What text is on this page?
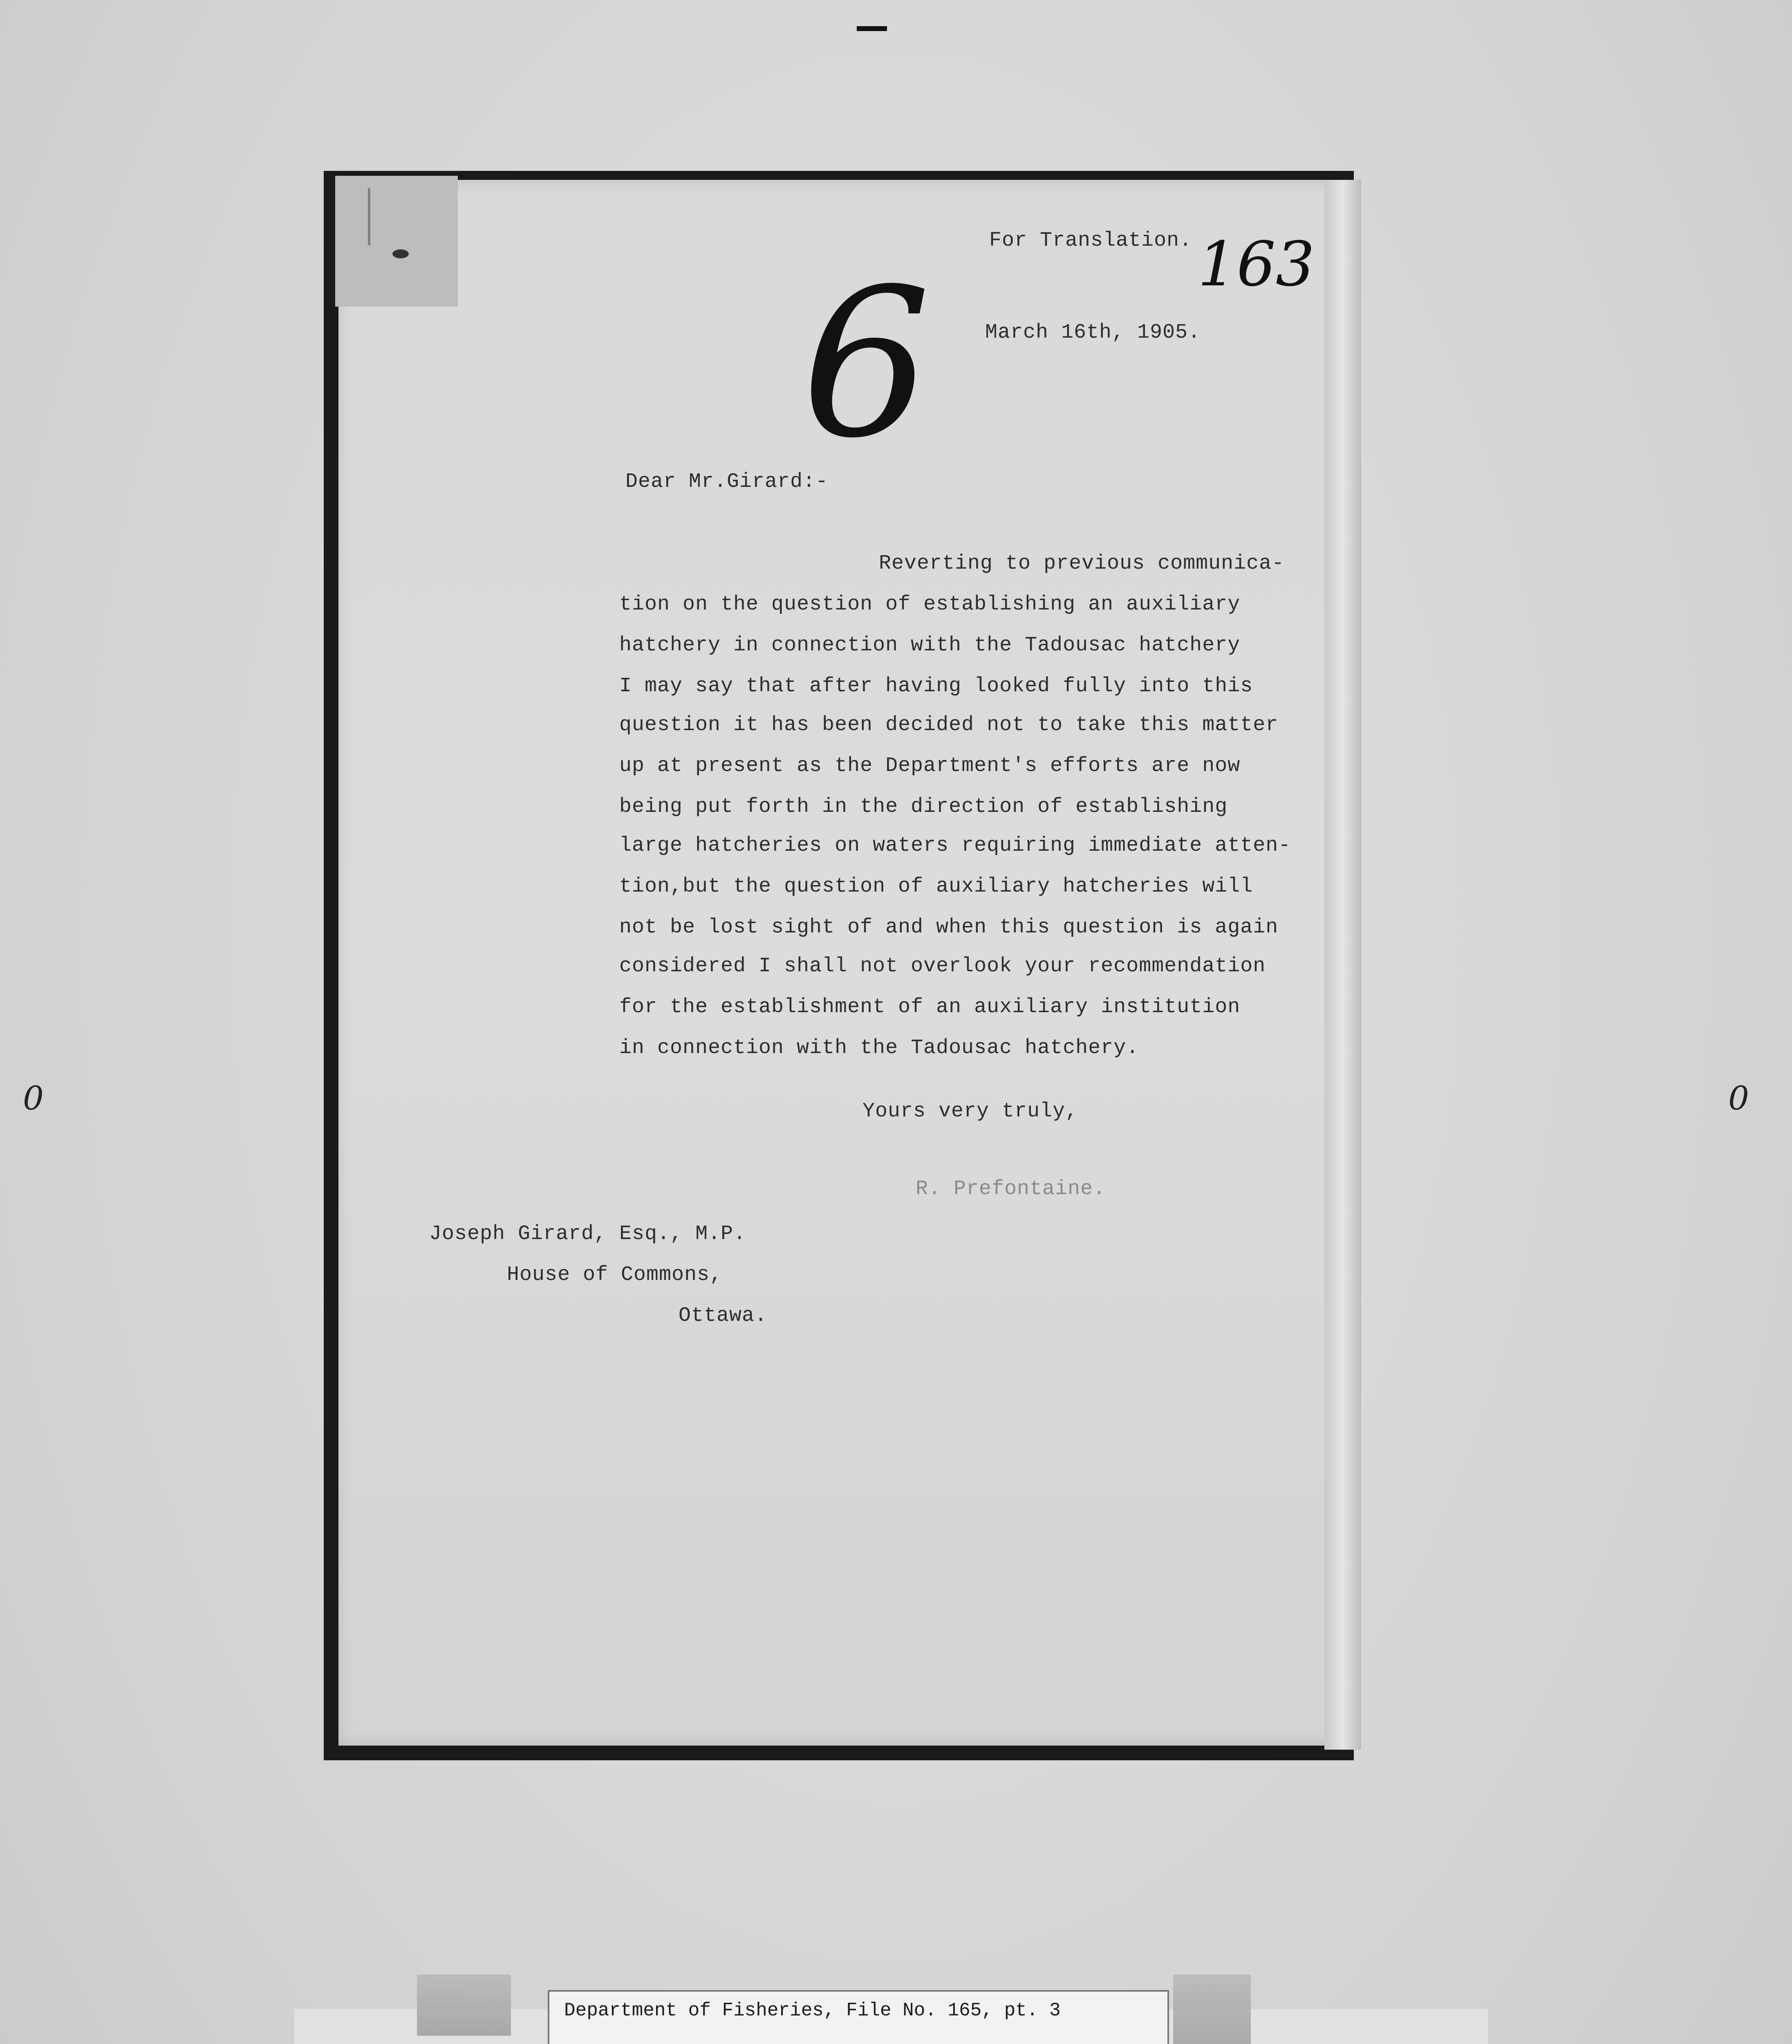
0	0
For Translation. 163
6	March 16th, 1905.
Dear Mr.Girard:-
Reverting to previous communica-
tion on the question of establishing an auxiliary
hatchery in connection with the Tadousac hatchery
I may say that after having looked fully into this
question it has been decided not to take this matter
up at present as the Department's efforts are now
being put forth in the direction of establishing
large hatcheries on waters requiring immediate atten-
tion,but the question of auxiliary hatcheries will
not be lost sight of and when this question is again
considered I shall not overlook your recommendation
for the establishment of an auxiliary institution
in connection with the Tadousac hatchery.
Yours very truly,
R. Prefontaine.
Joseph Girard, Esq., M.P.
House of Commons,
Ottawa.
Department of Fisheries, File No. 165, pt. 3
